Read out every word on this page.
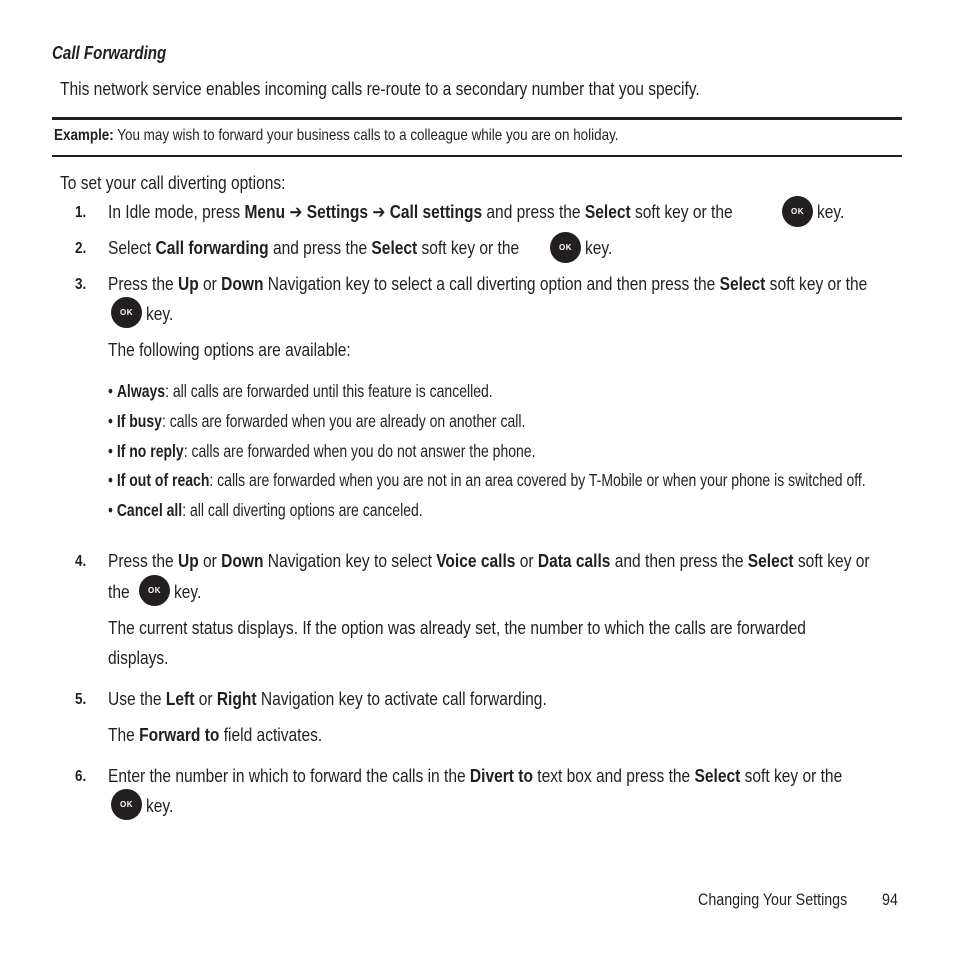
Call Forwarding
This network service enables incoming calls re-route to a secondary number that you specify.
Example: You may wish to forward your business calls to a colleague while you are on holiday.
To set your call diverting options:
1. In Idle mode, press Menu ➔ Settings ➔ Call settings and press the Select soft key or the	OK key.
2. Select Call forwarding and press the Select soft key or the	OK key.
3. Press the Up or Down Navigation key to select a call diverting option and then press the Select soft key or the
OK key.
The following options are available:
• Always: all calls are forwarded until this feature is cancelled.
• If busy: calls are forwarded when you are already on another call.
• If no reply: calls are forwarded when you do not answer the phone.
• If out of reach: calls are forwarded when you are not in an area covered by T-Mobile or when your phone is switched off.
• Cancel all: all call diverting options are canceled.
4. Press the Up or Down Navigation key to select Voice calls or Data calls and then press the Select soft key or
the	OK key.
The current status displays. If the option was already set, the number to which the calls are forwarded
displays.
5. Use the Left or Right Navigation key to activate call forwarding.
The Forward to field activates.
6. Enter the number in which to forward the calls in the Divert to text box and press the Select soft key or the
OK key.
Changing Your Settings	94
